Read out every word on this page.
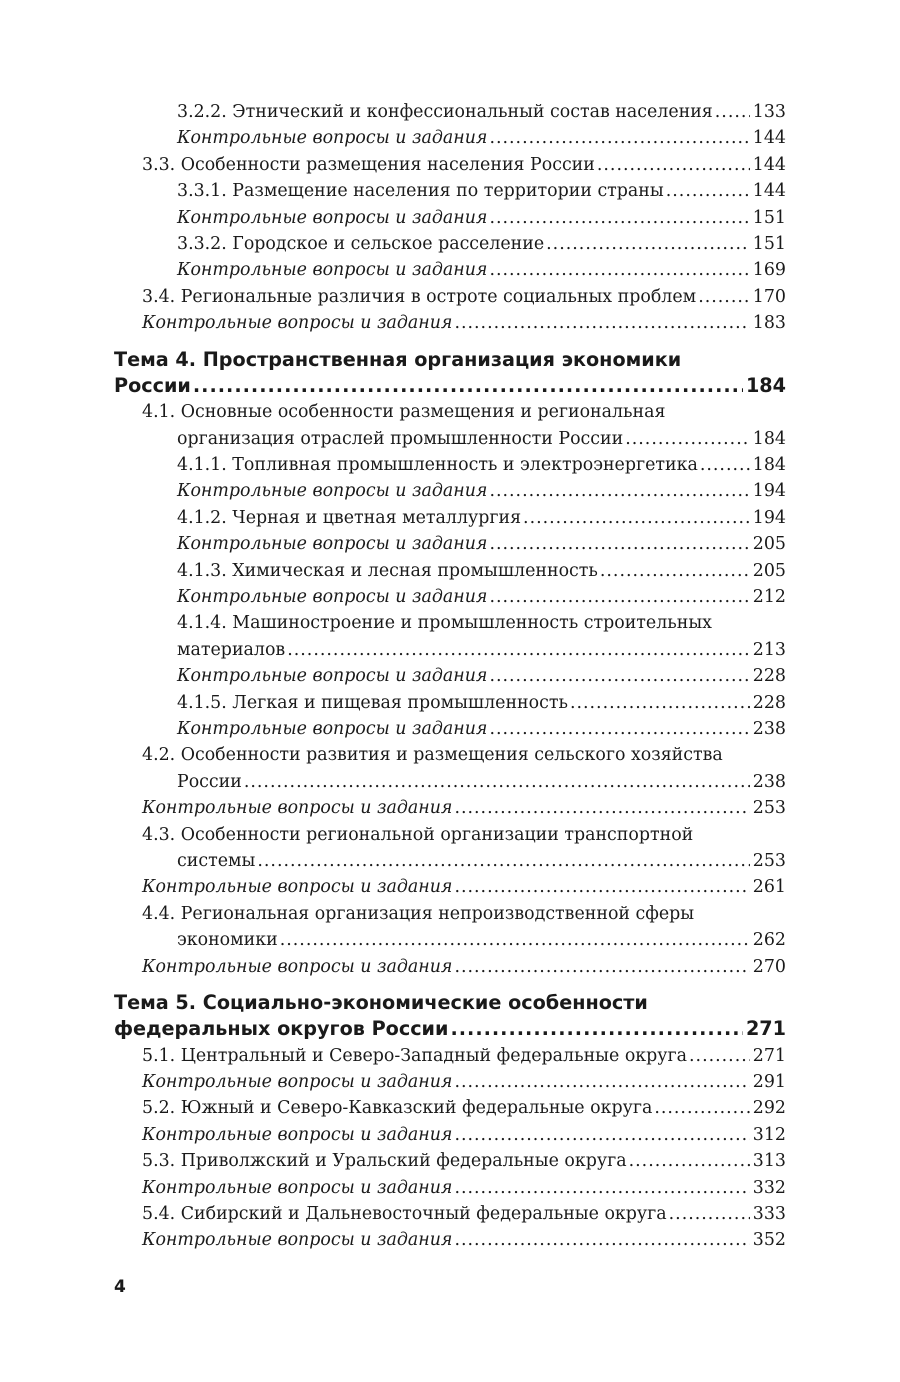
3.2.2. Этнический и конфессиональный состав населения ..... 133
Контрольные вопросы и задания .....	144
3.3. Особенности размещения населения России .....	144
3.3.1. Размещение населения по территории страны .....	144
Контрольные вопросы и задания .....	151
3.3.2. Городское и сельское расселение .....	151
Контрольные вопросы и задания .....	169
3.4. Региональные различия в остроте социальных проблем .....	170
Контрольные вопросы и задания .....	183
Тема 4. Пространственная организация экономики
России .....	184
4.1. Основные особенности размещения и региональная
организация отраслей промышленности России .....	184
4.1.1. Топливная промышленность и электроэнергетика .....	184
Контрольные вопросы и задания .....	194
4.1.2. Черная и цветная металлургия .....	194
Контрольные вопросы и задания .....	205
4.1.3. Химическая и лесная промышленность .....	205
Контрольные вопросы и задания .....	212
4.1.4. Машиностроение и промышленность строительных
материалов .....	213
Контрольные вопросы и задания .....	228
4.1.5. Легкая и пищевая промышленность .....	228
Контрольные вопросы и задания .....	238
4.2. Особенности развития и размещения сельского хозяйства
России .....	238
Контрольные вопросы и задания .....	253
4.3. Особенности региональной организации транспортной
системы .....	253
Контрольные вопросы и задания .....	261
4.4. Региональная организация непроизводственной сферы
экономики .....	262
Контрольные вопросы и задания .....	270
Тема 5. Социально-экономические особенности
федеральных округов России .....	271
5.1. Центральный и Северо-Западный федеральные округа .....	271
Контрольные вопросы и задания .....	291
5.2. Южный и Северо-Кавказский федеральные округа .....	292
Контрольные вопросы и задания .....	312
5.3. Приволжский и Уральский федеральные округа .....	313
Контрольные вопросы и задания .....	332
5.4. Сибирский и Дальневосточный федеральные округа .....	333
Контрольные вопросы и задания .....	352
4
